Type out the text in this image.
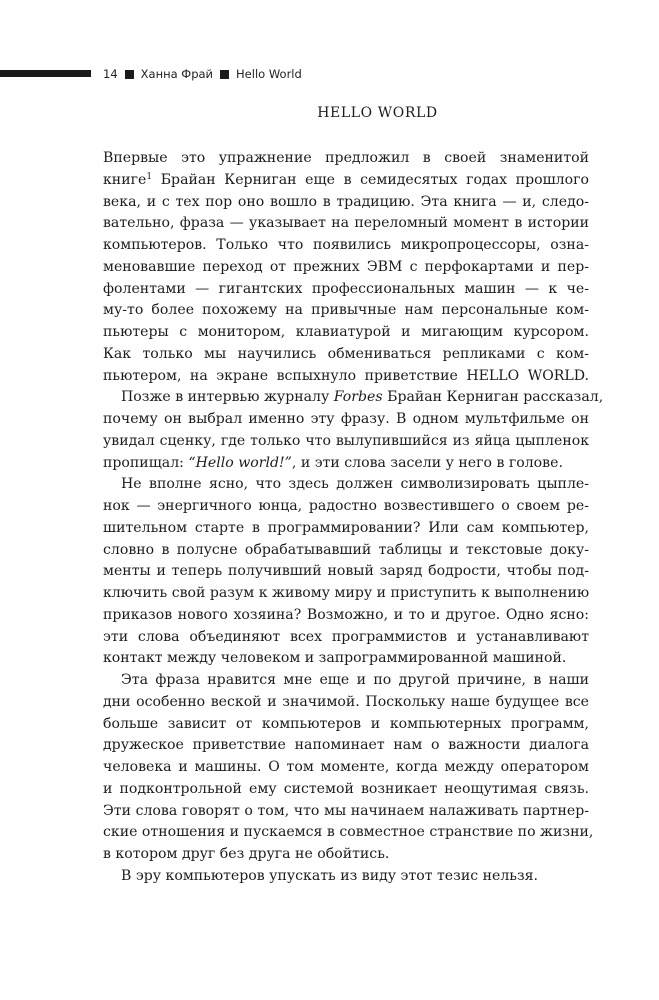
14 Ханна Фрай Hello World
HELLO WORLD

Впервые это упражнение предложил в своей знаменитой
книге$^1$ Брайан Керниган еще в семидесятых годах прошлого
века, и с тех пор оно вошло в традицию. Эта книга — и, следо-
вательно, фраза — указывает на переломный момент в истории
компьютеров. Только что появились микропроцессоры, озна-
меновавшие переход от прежних ЭВМ с перфокартами и пер-
фолентами — гигантских профессиональных машин — к че-
му-то более похожему на привычные нам персональные ком-
пьютеры с монитором, клавиатурой и мигающим курсором.
Как только мы научились обмениваться репликами с ком-
пьютером, на экране вспыхнуло приветствие HELLO WORLD.

Позже в интервью журналу Forbes Брайан Керниган рассказал,
почему он выбрал именно эту фразу. В одном мультфильме он
увидал сценку, где только что вылупившийся из яйца цыпленок
пропищал: “Hello world!”, и эти слова засели у него в голове.

Не вполне ясно, что здесь должен символизировать цыпле-
нок — энергичного юнца, радостно возвестившего о своем ре-
шительном старте в программировании? Или сам компьютер,
словно в полусне обрабатывавший таблицы и текстовые доку-
менты и теперь получивший новый заряд бодрости, чтобы под-
ключить свой разум к живому миру и приступить к выполнению
приказов нового хозяина? Возможно, и то и другое. Одно ясно:
эти слова объединяют всех программистов и устанавливают
контакт между человеком и запрограммированной машиной.

Эта фраза нравится мне еще и по другой причине, в наши
дни особенно веской и значимой. Поскольку наше будущее все
больше зависит от компьютеров и компьютерных программ,
дружеское приветствие напоминает нам о важности диалога
человека и машины. О том моменте, когда между оператором
и подконтрольной ему системой возникает неощутимая связь.
Эти слова говорят о том, что мы начинаем налаживать партнер-
ские отношения и пускаемся в совместное странствие по жизни,
в котором друг без друга не обойтись.

В эру компьютеров упускать из виду этот тезис нельзя.
